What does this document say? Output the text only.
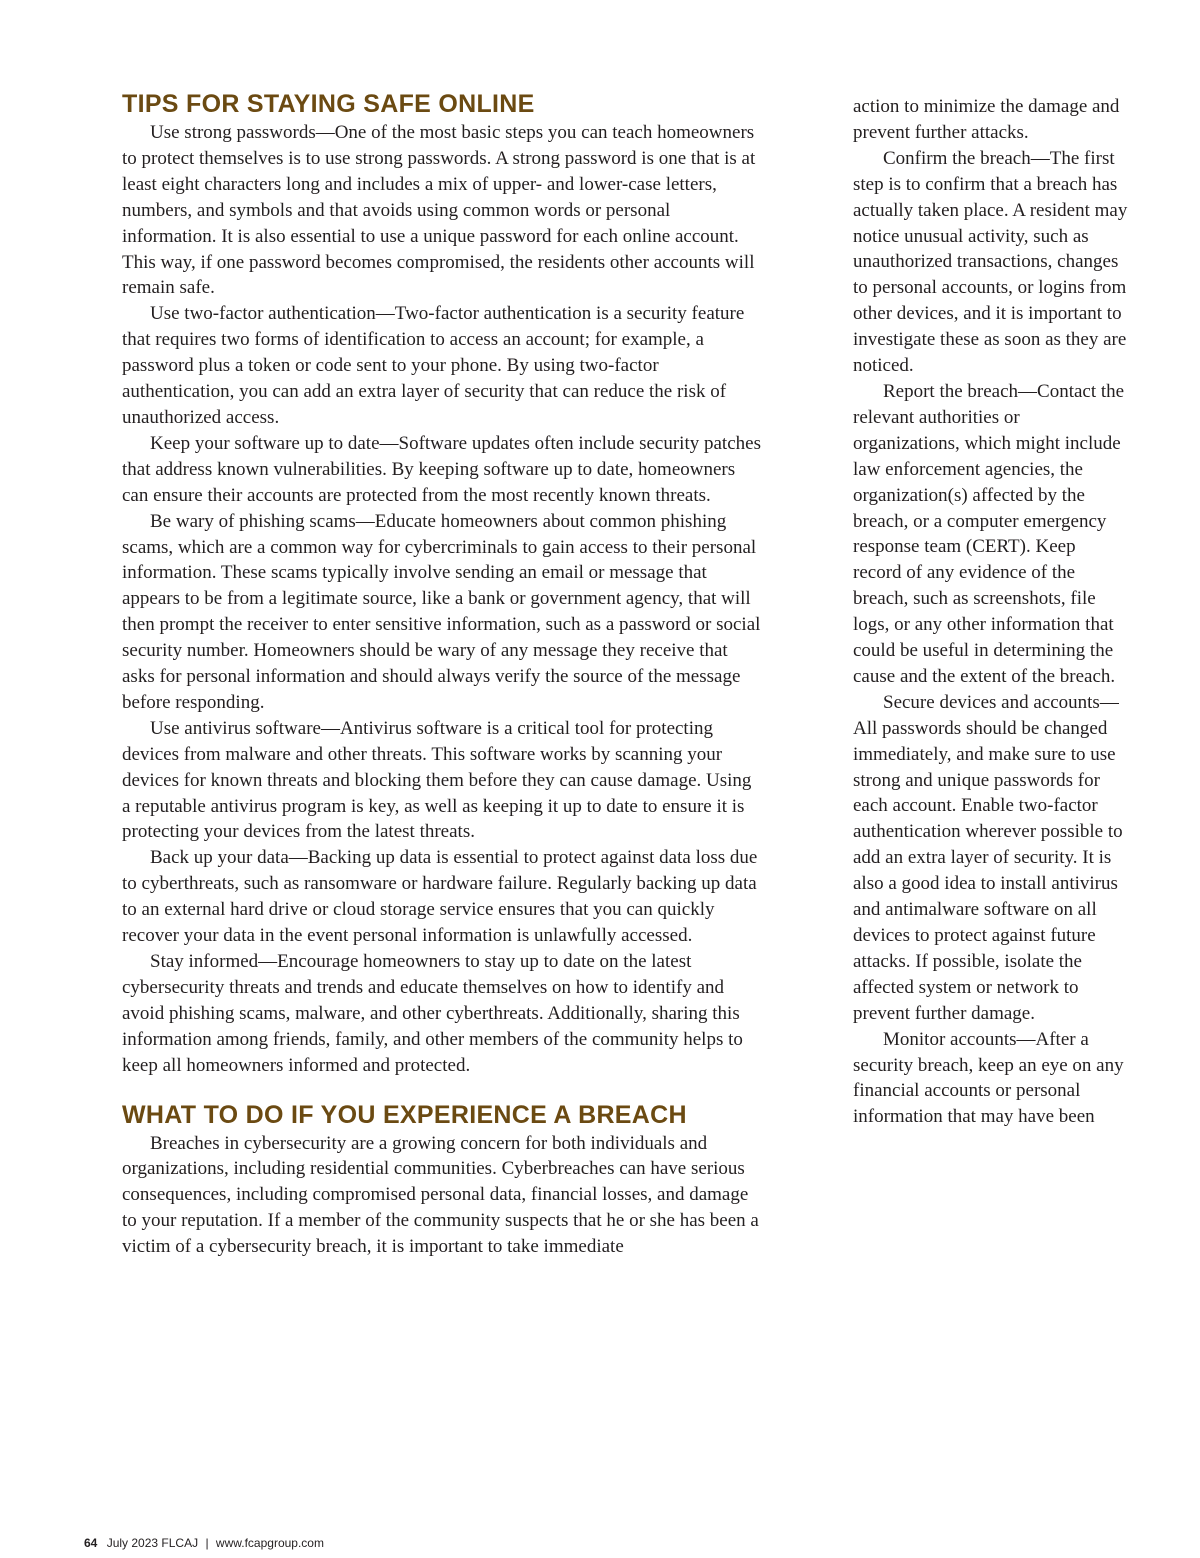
TIPS FOR STAYING SAFE ONLINE

Use strong passwords—One of the most basic steps you can teach homeowners to protect themselves is to use strong passwords. A strong password is one that is at least eight characters long and includes a mix of upper- and lower-case letters, numbers, and symbols and that avoids using common words or personal information. It is also essential to use a unique password for each online account. This way, if one password becomes compromised, the residents other accounts will remain safe.

Use two-factor authentication—Two-factor authentication is a security feature that requires two forms of identification to access an account; for example, a password plus a token or code sent to your phone. By using two-factor authentication, you can add an extra layer of security that can reduce the risk of unauthorized access.

Keep your software up to date—Software updates often include security patches that address known vulnerabilities. By keeping software up to date, homeowners can ensure their accounts are protected from the most recently known threats.

Be wary of phishing scams—Educate homeowners about common phishing scams, which are a common way for cybercriminals to gain access to their personal information. These scams typically involve sending an email or message that appears to be from a legitimate source, like a bank or government agency, that will then prompt the receiver to enter sensitive information, such as a password or social security number. Homeowners should be wary of any message they receive that asks for personal information and should always verify the source of the message before responding.

Use antivirus software—Antivirus software is a critical tool for protecting devices from malware and other threats. This software works by scanning your devices for known threats and blocking them before they can cause damage. Using a reputable antivirus program is key, as well as keeping it up to date to ensure it is protecting your devices from the latest threats.

Back up your data—Backing up data is essential to protect against data loss due to cyberthreats, such as ransomware or hardware failure. Regularly backing up data to an external hard drive or cloud storage service ensures that you can quickly recover your data in the event personal information is unlawfully accessed.

Stay informed—Encourage homeowners to stay up to date on the latest cybersecurity threats and trends and educate themselves on how to identify and avoid phishing scams, malware, and other cyberthreats. Additionally, sharing this information among friends, family, and other members of the community helps to keep all homeowners informed and protected.

WHAT TO DO IF YOU EXPERIENCE A BREACH

Breaches in cybersecurity are a growing concern for both individuals and organizations, including residential communities. Cyberbreaches can have serious consequences, including compromised personal data, financial losses, and damage to your reputation. If a member of the community suspects that he or she has been a victim of a cybersecurity breach, it is important to take immediate

action to minimize the damage and prevent further attacks.

Confirm the breach—The first step is to confirm that a breach has actually taken place. A resident may notice unusual activity, such as unauthorized transactions, changes to personal accounts, or logins from other devices, and it is important to investigate these as soon as they are noticed.

Report the breach—Contact the relevant authorities or organizations, which might include law enforcement agencies, the organization(s) affected by the breach, or a computer emergency response team (CERT). Keep record of any evidence of the breach, such as screenshots, file logs, or any other information that could be useful in determining the cause and the extent of the breach.

Secure devices and accounts—All passwords should be changed immediately, and make sure to use strong and unique passwords for each account. Enable two-factor authentication wherever possible to add an extra layer of security. It is also a good idea to install antivirus and antimalware software on all devices to protect against future attacks. If possible, isolate the affected system or network to prevent further damage.

Monitor accounts—After a security breach, keep an eye on any financial accounts or personal information that may have been

64 July 2023 FLCAJ | www.fcapgroup.com
